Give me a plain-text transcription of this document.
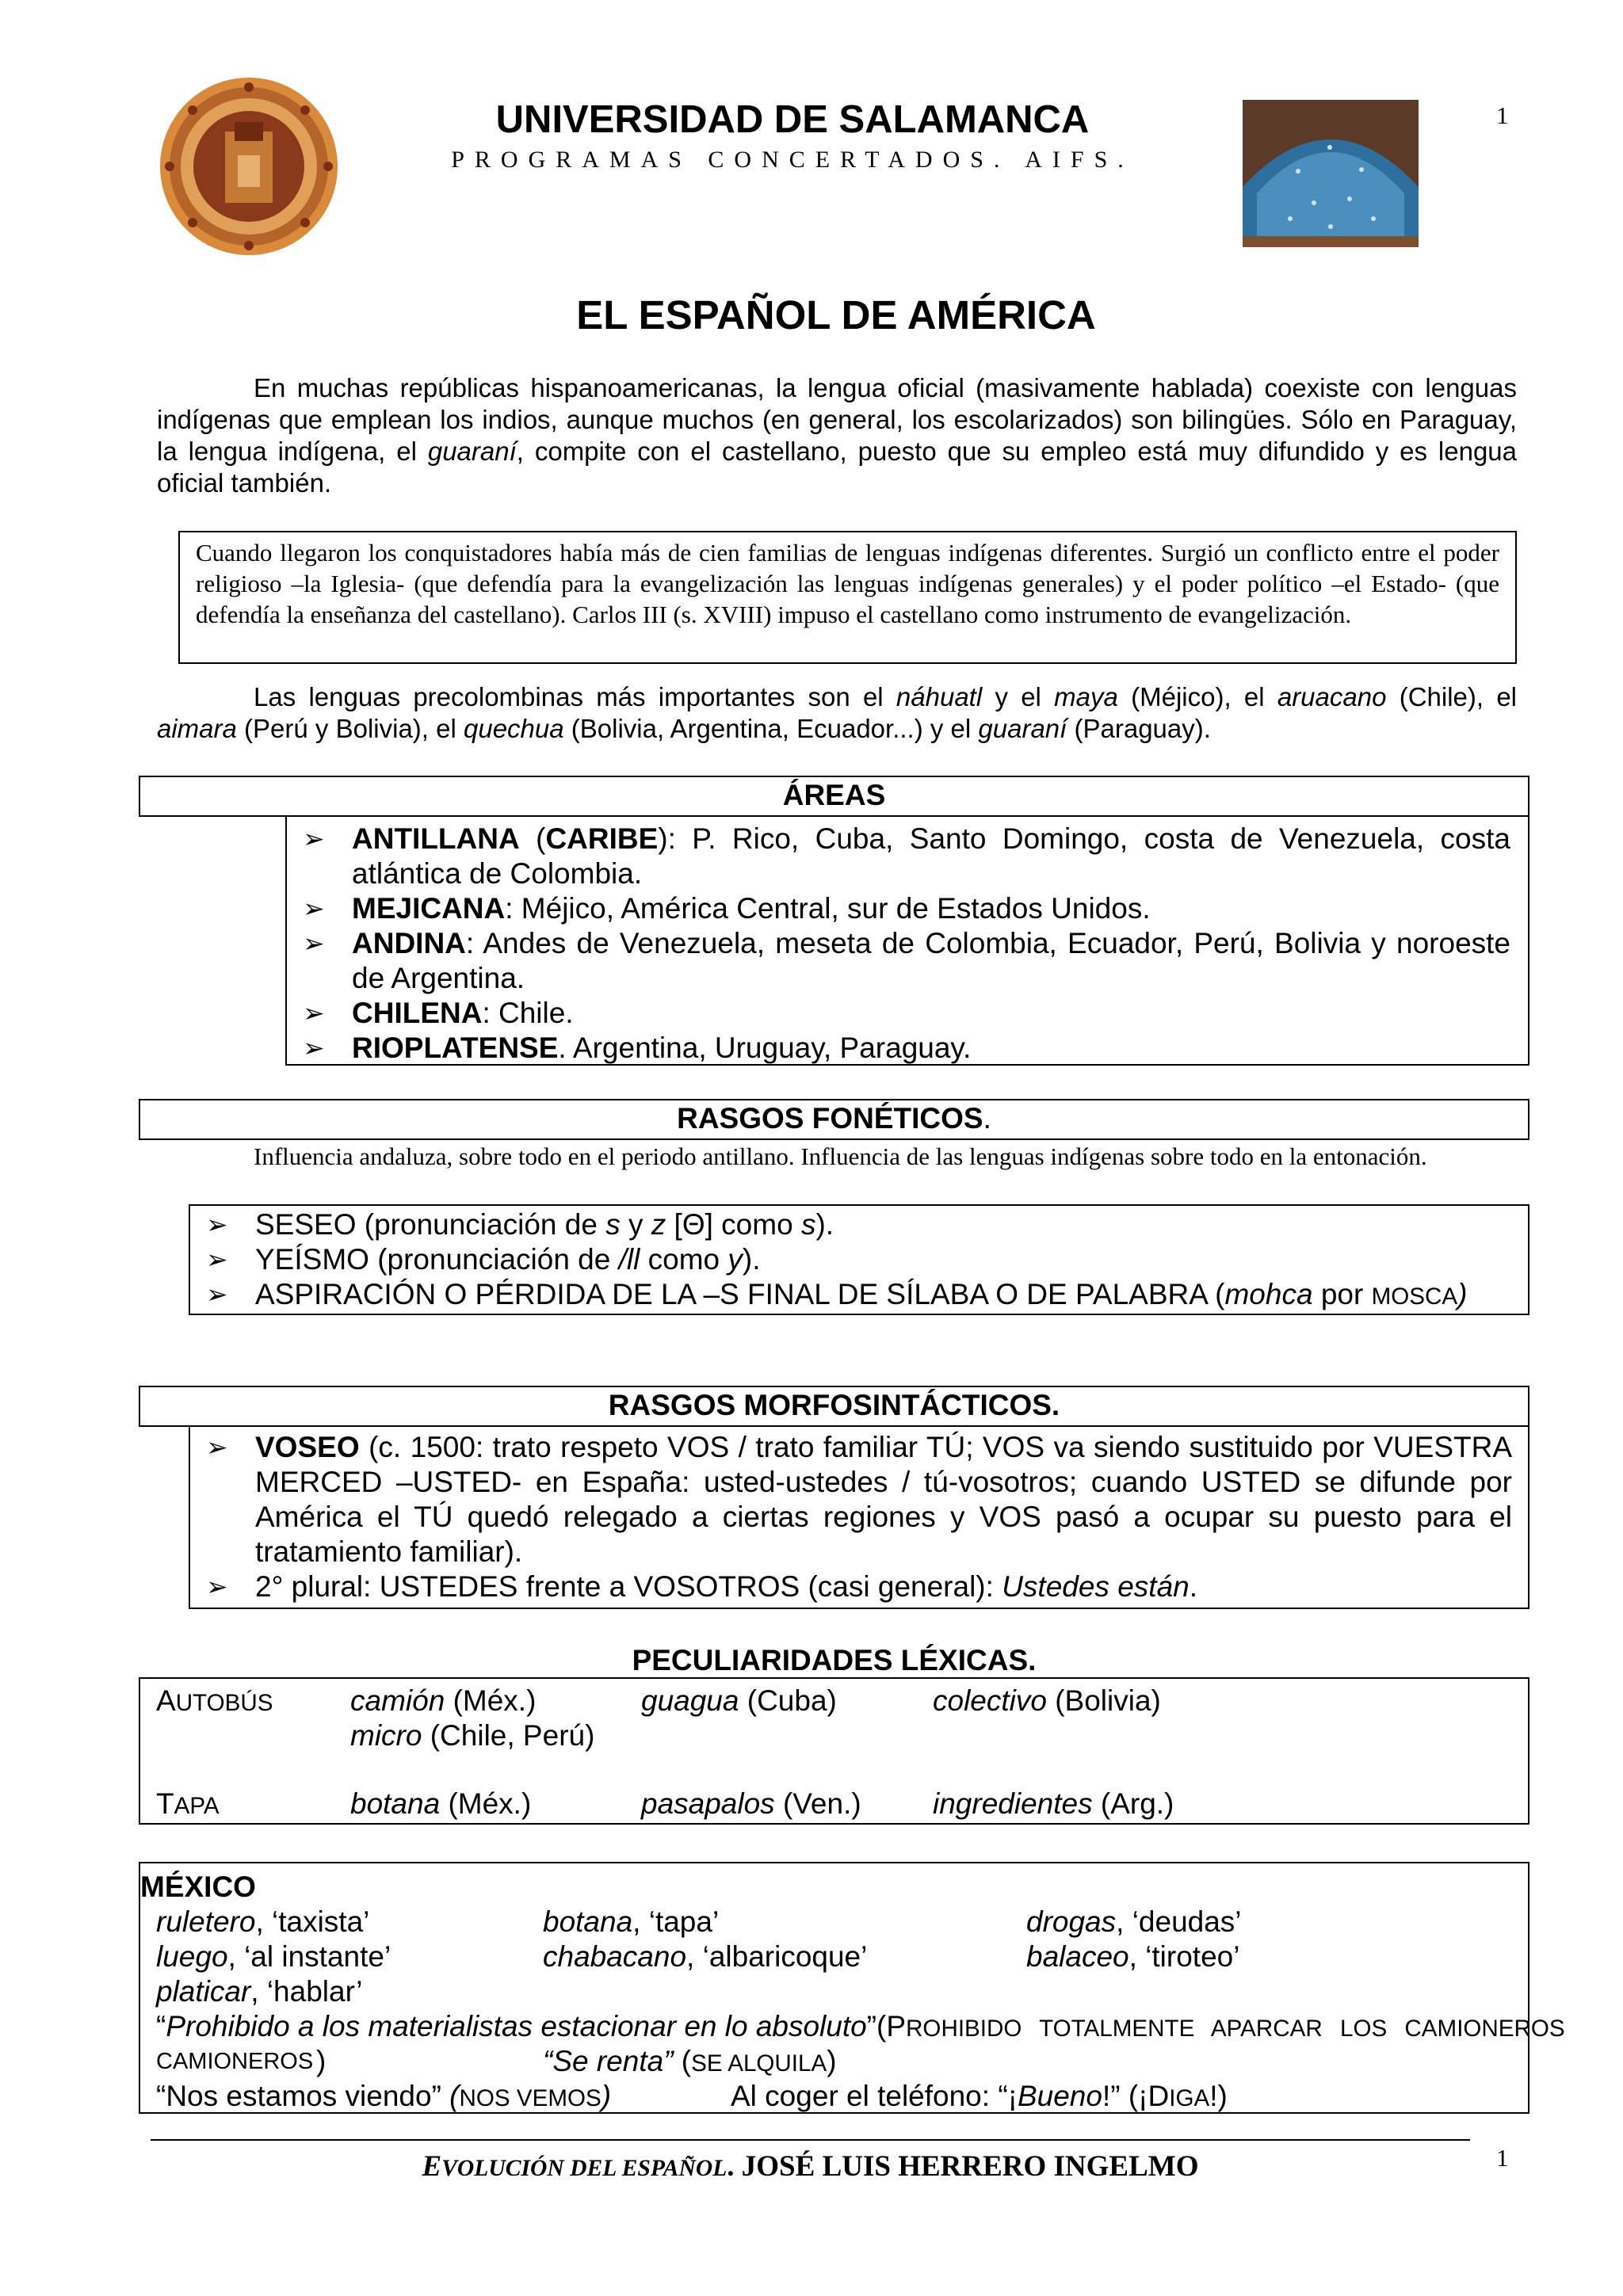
UNIVERSIDAD DE SALAMANCA
PROGRAMAS CONCERTADOS. AIFS.
1
EL ESPAÑOL DE AMÉRICA
En muchas repúblicas hispanoamericanas, la lengua oficial (masivamente hablada) coexiste con lenguas indígenas que emplean los indios, aunque muchos (en general, los escolarizados) son bilingües. Sólo en Paraguay, la lengua indígena, el guaraní, compite con el castellano, puesto que su empleo está muy difundido y es lengua oficial también.
Cuando llegaron los conquistadores había más de cien familias de lenguas indígenas diferentes. Surgió un conflicto entre el poder religioso –la Iglesia- (que defendía para la evangelización las lenguas indígenas generales) y el poder político –el Estado- (que defendía la enseñanza del castellano). Carlos III (s. XVIII) impuso el castellano como instrumento de evangelización.
Las lenguas precolombinas más importantes son el náhuatl y el maya (Méjico), el aruacano (Chile), el aimara (Perú y Bolivia), el quechua (Bolivia, Argentina, Ecuador...) y el guaraní (Paraguay).
ÁREAS
➢ ANTILLANA (CARIBE): P. Rico, Cuba, Santo Domingo, costa de Venezuela, costa atlántica de Colombia.
➢ MEJICANA: Méjico, América Central, sur de Estados Unidos.
➢ ANDINA: Andes de Venezuela, meseta de Colombia, Ecuador, Perú, Bolivia y noroeste de Argentina.
➢ CHILENA: Chile.
➢ RIOPLATENSE. Argentina, Uruguay, Paraguay.
RASGOS FONÉTICOS.
Influencia andaluza, sobre todo en el periodo antillano. Influencia de las lenguas indígenas sobre todo en la entonación.
➢ SESEO (pronunciación de s y z [Θ] como s).
➢ YEÍSMO (pronunciación de /ll como y).
➢ ASPIRACIÓN O PÉRDIDA DE LA –S FINAL DE SÍLABA O DE PALABRA (mohca por MOSCA)
RASGOS MORFOSINTÁCTICOS.
➢ VOSEO (c. 1500: trato respeto VOS / trato familiar TÚ; VOS va siendo sustituido por VUESTRA MERCED –USTED- en España: usted-ustedes / tú-vosotros; cuando USTED se difunde por América el TÚ quedó relegado a ciertas regiones y VOS pasó a ocupar su puesto para el tratamiento familiar).
➢ 2° plural: USTEDES frente a VOSOTROS (casi general): Ustedes están.
PECULIARIDADES LÉXICAS.
AUTOBÚS	camión (Méx.)	guagua (Cuba)	colectivo (Bolivia)
micro (Chile, Perú)
TAPA	botana (Méx.)	pasapalos (Ven.) ingredientes (Arg.)
MÉXICO
ruletero, ‘taxista’	botana, ‘tapa’	drogas, ‘deudas’
luego, ‘al instante’	chabacano, ‘albaricoque’	balaceo, ‘tiroteo’
platicar, ‘hablar’
“Prohibido a los materialistas estacionar en lo absoluto” (PROHIBIDO TOTALMENTE APARCAR LOS CAMIONEROS
CAMIONEROS )	“Se renta” (SE ALQUILA)
“Nos estamos viendo” (NOS VEMOS)	Al coger el teléfono: “¡Bueno!” (¡DIGA!)
EVOLUCIÓN DEL ESPAÑOL. JOSÉ LUIS HERRERO INGELMO	1
